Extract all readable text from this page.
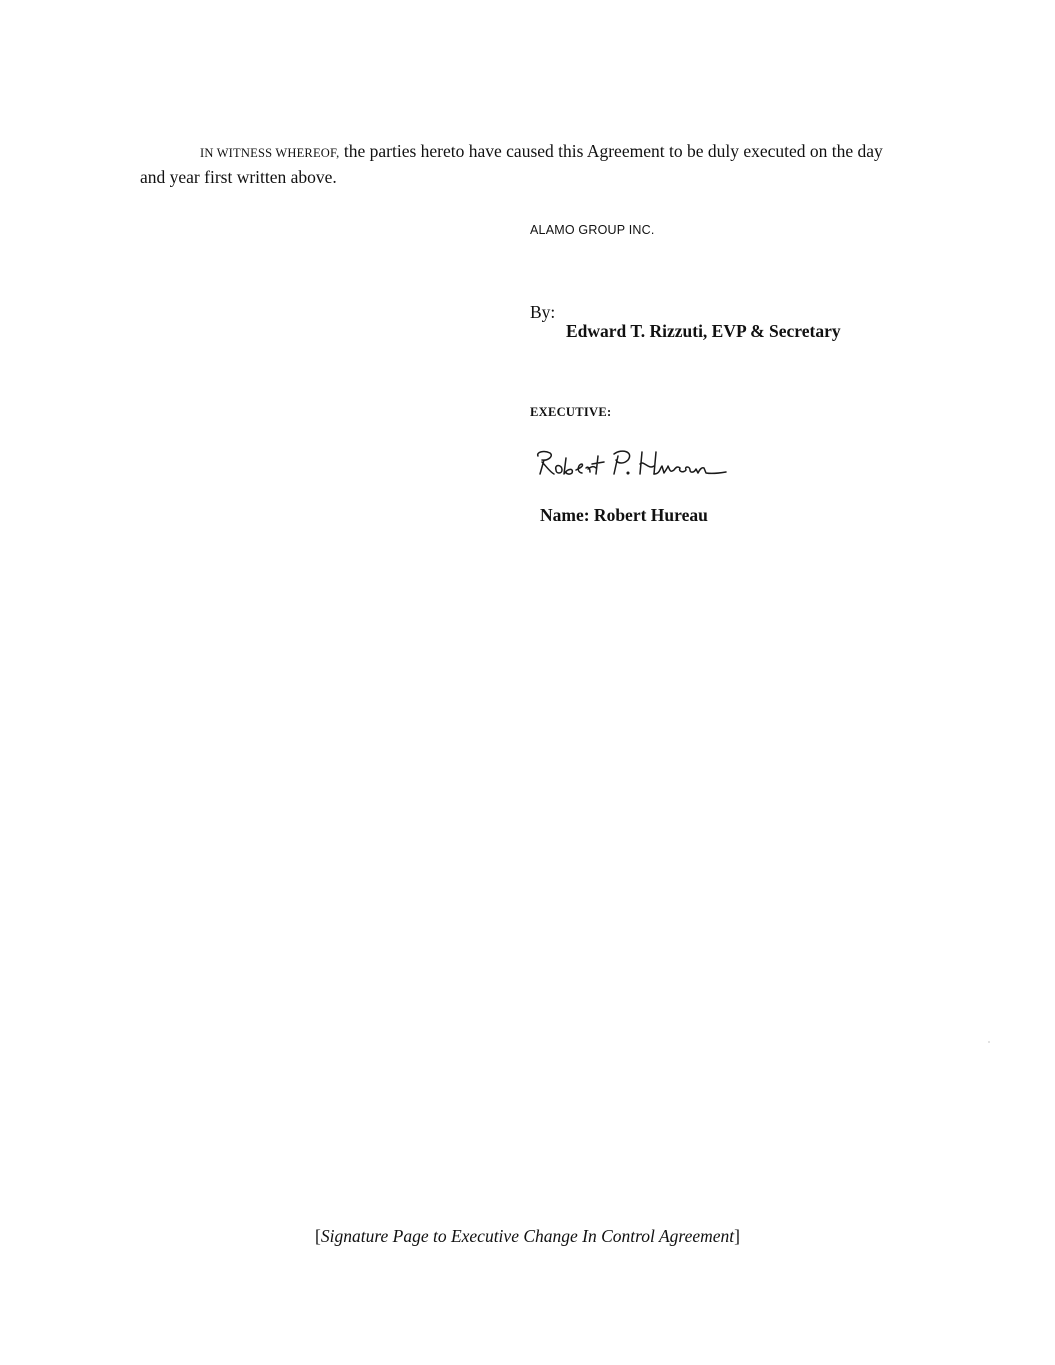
IN WITNESS WHEREOF, the parties hereto have caused this Agreement to be duly executed on the day and year first written above.

ALAMO GROUP INC.
By:
Edward T. Rizzuti, EVP & Secretary
EXECUTIVE:
Name: Robert Hureau
[Signature Page to Executive Change In Control Agreement]
